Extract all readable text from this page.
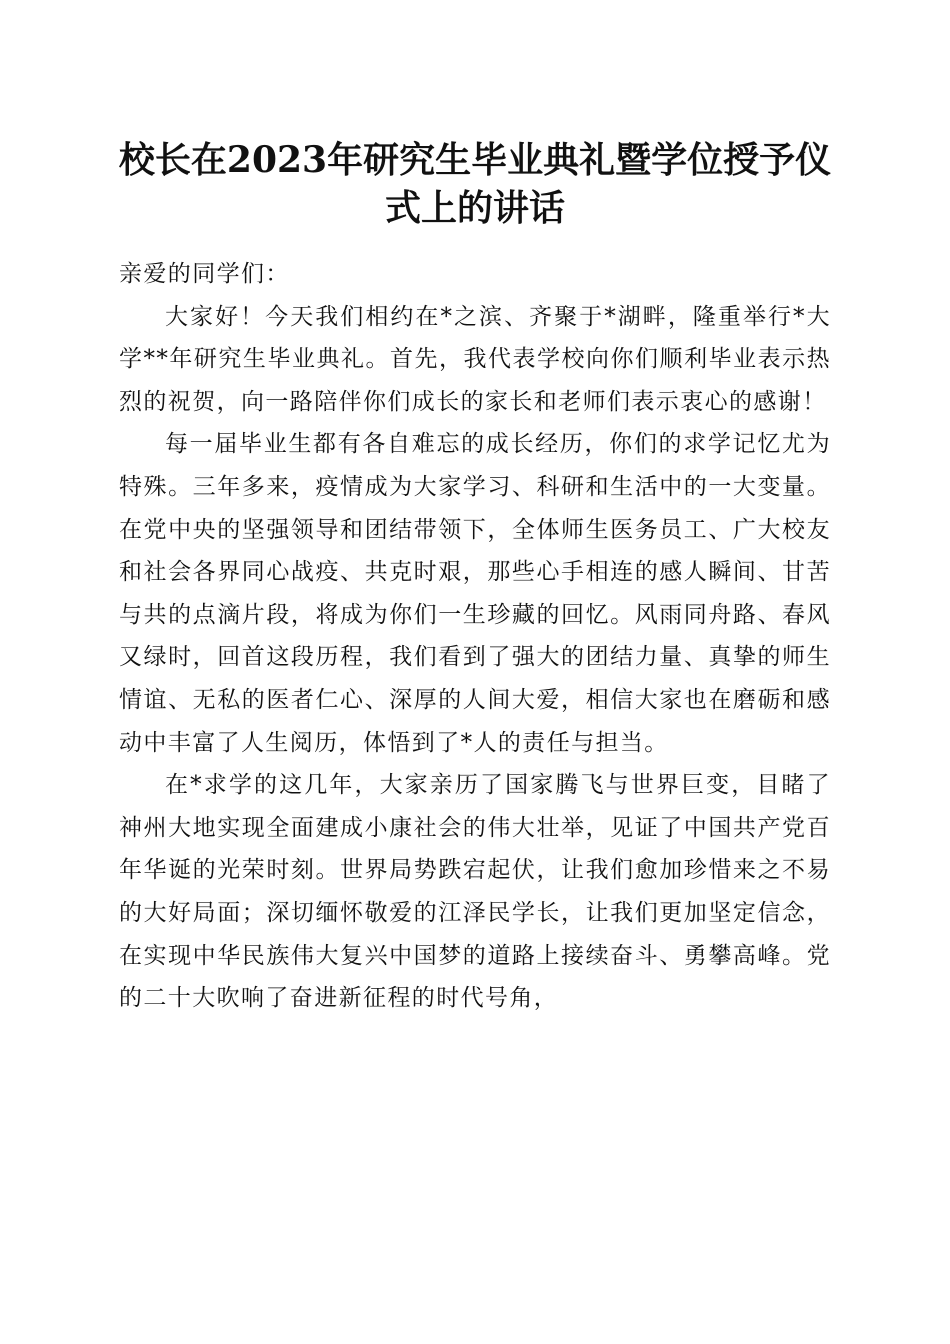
校长在2023年研究生毕业典礼暨学位授予仪
式上的讲话

亲爱的同学们：

大家好！今天我们相约在*之滨、齐聚于*湖畔，隆重举行*大学**年研究生毕业典礼。首先，我代表学校向你们顺利毕业表示热烈的祝贺，向一路陪伴你们成长的家长和老师们表示衷心的感谢！

每一届毕业生都有各自难忘的成长经历，你们的求学记忆尤为特殊。三年多来，疫情成为大家学习、科研和生活中的一大变量。在党中央的坚强领导和团结带领下，全体师生医务员工、广大校友和社会各界同心战疫、共克时艰，那些心手相连的感人瞬间、甘苦与共的点滴片段，将成为你们一生珍藏的回忆。风雨同舟路、春风又绿时，回首这段历程，我们看到了强大的团结力量、真挚的师生情谊、无私的医者仁心、深厚的人间大爱，相信大家也在磨砺和感动中丰富了人生阅历，体悟到了*人的责任与担当。

在*求学的这几年，大家亲历了国家腾飞与世界巨变，目睹了神州大地实现全面建成小康社会的伟大壮举，见证了中国共产党百年华诞的光荣时刻。世界局势跌宕起伏，让我们愈加珍惜来之不易的大好局面；深切缅怀敬爱的江泽民学长，让我们更加坚定信念，在实现中华民族伟大复兴中国梦的道路上接续奋斗、勇攀高峰。党的二十大吹响了奋进新征程的时代号角，
